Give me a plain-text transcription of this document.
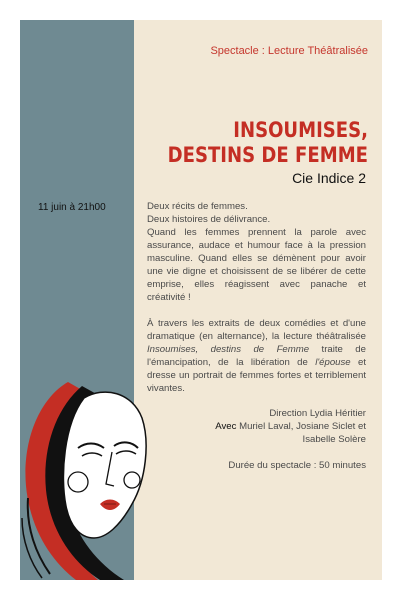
Spectacle : Lecture Théâtralisée
INSOUMISES,
DESTINS DE FEMME
Cie Indice 2
11 juin à 21h00	Deux récits de femmes.

Deux histoires de délivrance.

Quand les femmes prennent la parole avec assurance, audace et humour face à la pression masculine. Quand elles se démènent pour avoir une vie digne et choisissent de se libérer de cette emprise, elles réagissent avec panache et créativité !

À travers les extraits de deux comédies et d'une dramatique (en alternance), la lecture théâtralisée Insoumises, destins de Femme traite de l'émancipation, de la libération de l'épouse et dresse un portrait de femmes fortes et terriblement vivantes.

Direction Lydia Héritier
Avec Muriel Laval, Josiane Siclet et
Isabelle Solère
Durée du spectacle : 50 minutes
